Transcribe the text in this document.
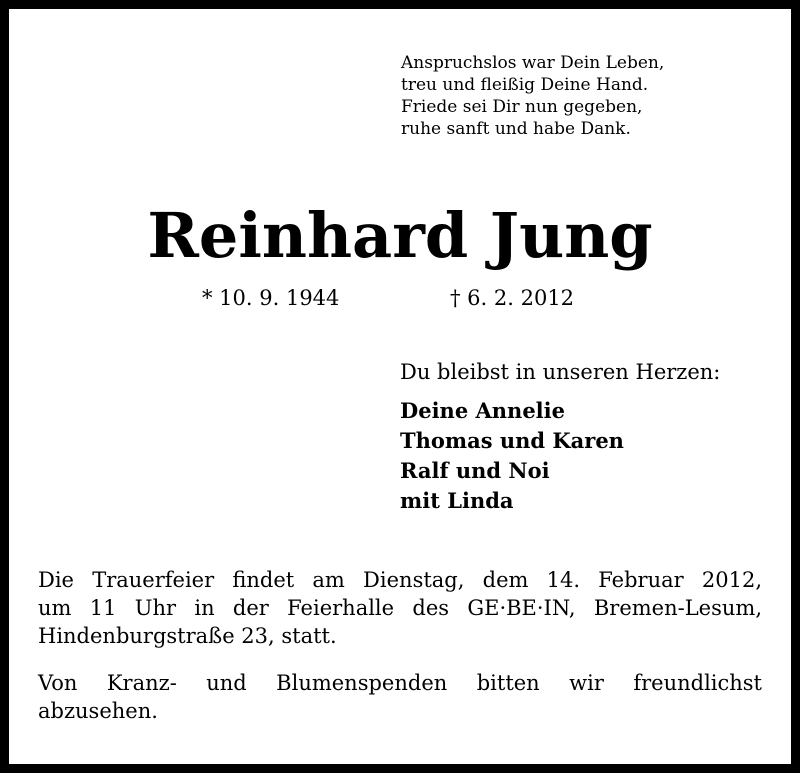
Anspruchslos war Dein Leben,
treu und fleißig Deine Hand.
Friede sei Dir nun gegeben,
ruhe sanft und habe Dank.
Reinhard Jung
* 10. 9. 1944	† 6. 2. 2012
Du bleibst in unseren Herzen:
Deine Annelie
Thomas und Karen
Ralf und Noi
mit Linda
Die Trauerfeier findet am Dienstag, dem 14. Februar 2012,
um 11 Uhr in der Feierhalle des GE·BE·IN, Bremen-Lesum,
Hindenburgstraße 23, statt.
Von Kranz- und Blumenspenden bitten wir freundlichst
abzusehen.
